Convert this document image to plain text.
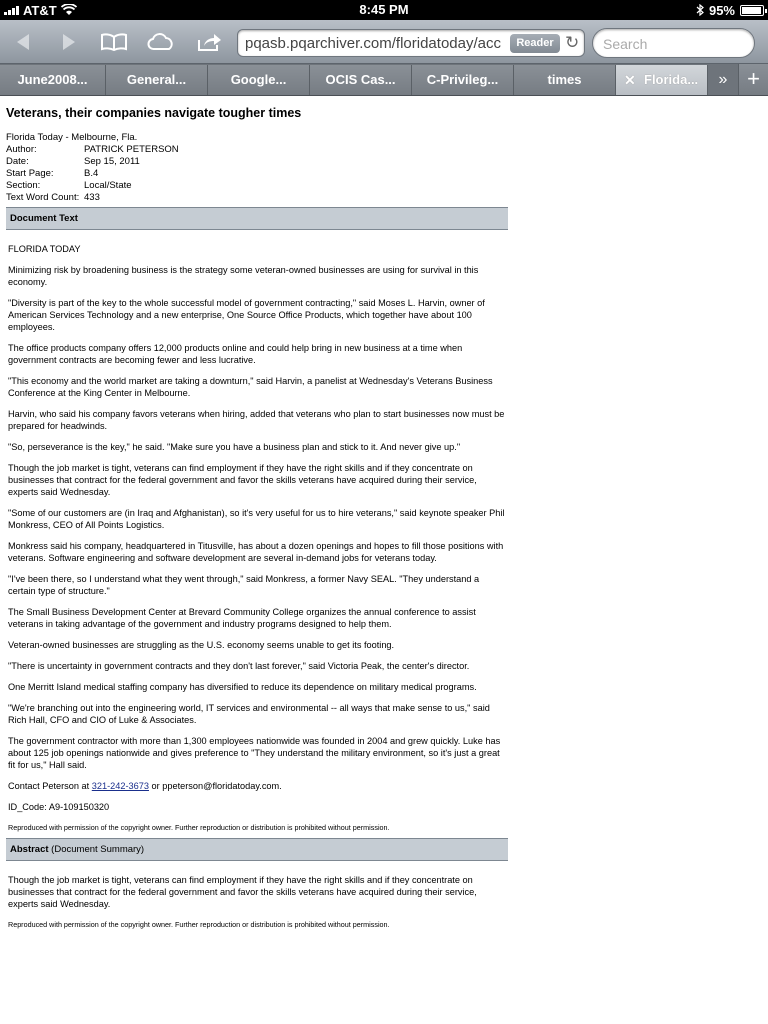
AT&T	8:45 PM	95%
pqasb.pqarchiver.com/floridatoday/acc	Reader ↻ Search
June2008...	General...	Google...	OCIS Cas...	C-Privileg...	times	✕ Florida...	» +
Veterans, their companies navigate tougher times
Florida Today - Melbourne, Fla.
Author:	PATRICK PETERSON
Date:	Sep 15, 2011
Start Page:	B.4
Section:	Local/State
Text Word Count: 433
Document Text

FLORIDA TODAY

Minimizing risk by broadening business is the strategy some veteran-owned businesses are using for survival in this economy.

"Diversity is part of the key to the whole successful model of government contracting," said Moses L. Harvin, owner of American Services Technology and a new enterprise, One Source Office Products, which together have about 100 employees.

The office products company offers 12,000 products online and could help bring in new business at a time when government contracts are becoming fewer and less lucrative.

"This economy and the world market are taking a downturn," said Harvin, a panelist at Wednesday's Veterans Business Conference at the King Center in Melbourne.

Harvin, who said his company favors veterans when hiring, added that veterans who plan to start businesses now must be prepared for headwinds.

"So, perseverance is the key," he said. "Make sure you have a business plan and stick to it. And never give up."

Though the job market is tight, veterans can find employment if they have the right skills and if they concentrate on businesses that contract for the federal government and favor the skills veterans have acquired during their service, experts said Wednesday.

"Some of our customers are (in Iraq and Afghanistan), so it's very useful for us to hire veterans," said keynote speaker Phil Monkress, CEO of All Points Logistics.

Monkress said his company, headquartered in Titusville, has about a dozen openings and hopes to fill those positions with veterans. Software engineering and software development are several in-demand jobs for veterans today.

"I've been there, so I understand what they went through," said Monkress, a former Navy SEAL. "They understand a certain type of structure."

The Small Business Development Center at Brevard Community College organizes the annual conference to assist veterans in taking advantage of the government and industry programs designed to help them.

Veteran-owned businesses are struggling as the U.S. economy seems unable to get its footing.

"There is uncertainty in government contracts and they don't last forever," said Victoria Peak, the center's director.

One Merritt Island medical staffing company has diversified to reduce its dependence on military medical programs.

"We're branching out into the engineering world, IT services and environmental -- all ways that make sense to us," said Rich Hall, CFO and CIO of Luke & Associates.

The government contractor with more than 1,300 employees nationwide was founded in 2004 and grew quickly. Luke has about 125 job openings nationwide and gives preference to "They understand the military environment, so it's just a great fit for us," Hall said.

Contact Peterson at 321-242-3673 or ppeterson@floridatoday.com.

ID_Code: A9-109150320

Reproduced with permission of the copyright owner. Further reproduction or distribution is prohibited without permission.

Abstract (Document Summary)

Though the job market is tight, veterans can find employment if they have the right skills and if they concentrate on businesses that contract for the federal government and favor the skills veterans have acquired during their service, experts said Wednesday.

Reproduced with permission of the copyright owner. Further reproduction or distribution is prohibited without permission.
